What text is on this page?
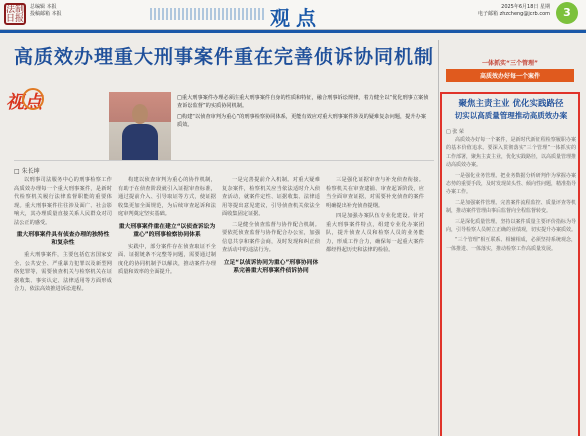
法制日报
总编辑 本报
投稿邮箱 本报	观点	2025年6月18日 星期
电子邮箱 zhzcheng@jcrb.com	3
高质效办理重大刑事案件重在完善侦诉协同机制	一体抓实“三个管理”
高质效办好每一个案件
视点	□重大刑事案件办理必须注重大刑事案件自身的性质和特征，融合刑事诉讼规律，着力健全以“优化刑事立案侦查诉讼监督”的实质协同机制。

□构建“以侦查审判为重心”的刑事检察协同体系，更能有效应对重大刑事案件涉及的疑难复杂问题，提升办案质效。

□ 朱长坤

以刑事司法服务中心的刑事检察工作高质效办理每一个重大刑事案件，是新时代检察机关履行法律监督职能的重要体现。重大刑事案件往往涉及面广、社会影响大，其办理质量直接关系人民群众对司法公正的感受。

重大刑事案件具有侦查办理的独特性和复杂性

重大刑事案件，主要包括危害国家安全、公共安全、严重暴力犯罪以及新型网络犯罪等，需要侦查机关与检察机关在证据收集、事实认定、法律适用等方面形成合力，依法高效推进诉讼进程。

构建以侦查审判为重心的协作机制，有助于在侦查阶段就引入证据审查标准，通过提前介入、引导取证等方式，使证据收集更加全面规范，为后续审查起诉和法庭审判奠定坚实基础。

重大刑事案件重在建立“以侦查诉讼为重心”的刑事检察协同体系

实践中，部分案件存在侦查取证不全面、证据链条不完整等问题，需要通过制度化的协同机制予以解决，推动案件办理质量和效率的全面提升。

一是完善提前介入机制。对重大疑难复杂案件，检察机关应当依法适时介入侦查活动，就案件定性、证据收集、法律适用等提出意见建议，引导侦查机关依法全面收集固定证据。

二是健全侦查监督与协作配合机制。要依托侦查监督与协作配合办公室，加强信息共享和案件会商，及时发现和纠正侦查活动中的违法行为。

立足“以侦诉协同为重心”刑事协同体系完善重大刑事案件侦诉协同

三是强化证据审查与补充侦查衔接。检察机关在审查逮捕、审查起诉阶段，应当全面审查证据，对需要补充侦查的案件明确提出补充侦查提纲。

四是加强办案队伍专业化建设。针对重大刑事案件特点，组建专业化办案团队，提升侦查人员和检察人员的业务能力，形成工作合力，确保每一起重大案件都经得起历史和法律的检验。

聚焦主责主业 优化实践路径
切实以高质量管理推动高质效办案
□ 张 荣

高质效办好每一个案件，是新时代新征程检察履职办案的基本价值追求。要深入贯彻落实“三个管理”一体抓实的工作部署，聚焦主责主业，优化实践路径，以高质量管理推动高质效办案。

一是强化业务管理。把业务数据分析研判作为掌握办案态势的重要手段，及时发现苗头性、倾向性问题，精准指导办案工作。

二是加强案件管理。完善案件流程监控、质量评查等机制，推动案件管理由事后监督向全程监督转变。

三是深化质量管理。坚持以案件质量主要评价指标为导向，引导检察人员树立正确的业绩观，切实提升办案质效。

“三个管理”相互联系、相辅相成，必须坚持系统观念，一体推进、一体落实，推动检察工作高质量发展。
